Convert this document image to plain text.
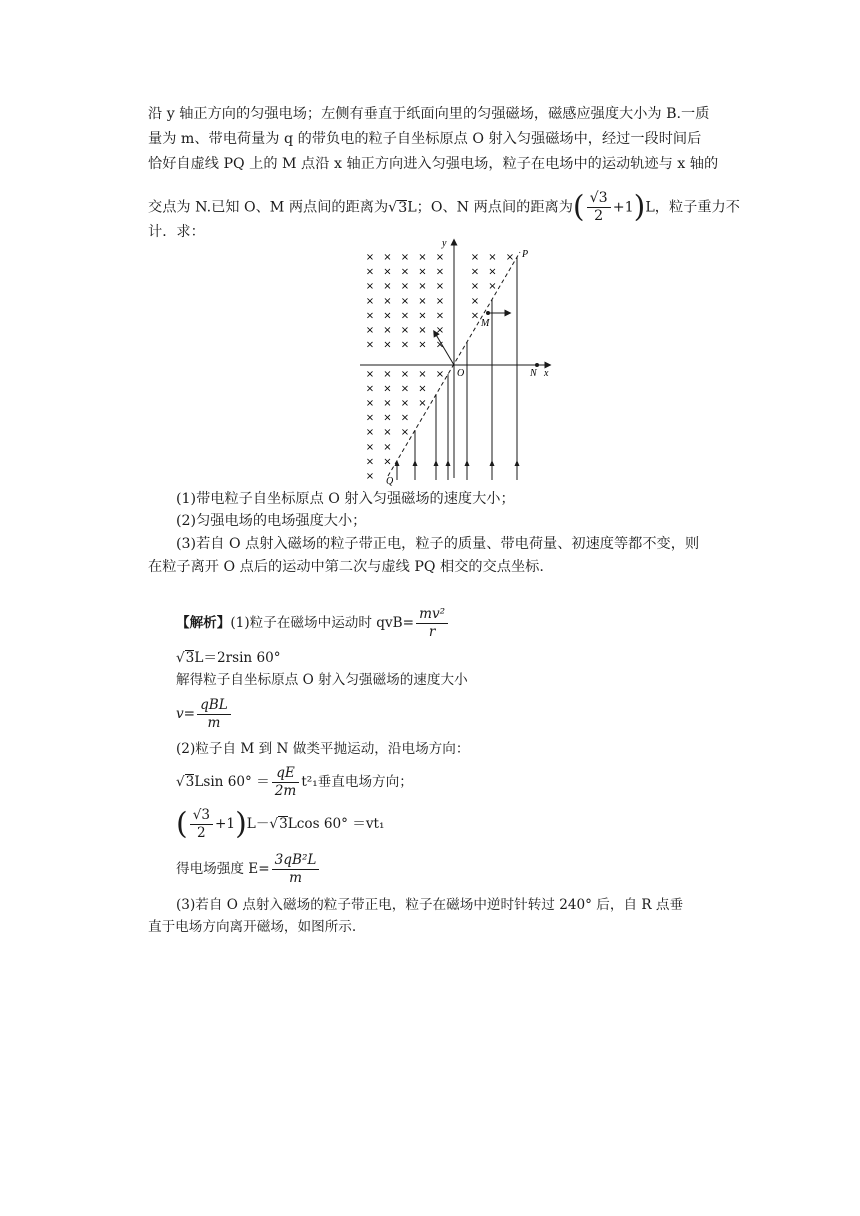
沿 y 轴正方向的匀强电场；左侧有垂直于纸面向里的匀强磁场，磁感应强度大小为 B.一质
量为 m、带电荷量为 q 的带负电的粒子自坐标原点 O 射入匀强磁场中，经过一段时间后
恰好自虚线 PQ 上的 M 点沿 x 轴正方向进入匀强电场，粒子在电场中的运动轨迹与 x 轴的
交点为 N.已知 O、M 两点间的距离为√3L；O、N 两点间的距离为( $\frac{√3}{2} +1)L$，粒子重力不
计．求：
× × × × ×	× × ×
× × × × ×	× ×
× × × × ×	× ×
× × × × ×	×
× × × × ×	×
× × × × ×
× × × × ×
× × × × ×
× × × ×
× × × ×
× × ×
× × ×
× ×
× ×
×
y
x
O
P
Q
M
N
(1)带电粒子自坐标原点 O 射入匀强磁场的速度大小；
(2)匀强电场的电场强度大小；
(3)若自 O 点射入磁场的粒子带正电，粒子的质量、带电荷量、初速度等都不变，则
在粒子离开 O 点后的运动中第二次与虚线 PQ 相交的交点坐标.
【解析】(1)粒子在磁场中运动时 $qvB= \frac{\text{mv²}}{r}$
√3L＝2rsin 60°
解得粒子自坐标原点 O 射入匀强磁场的速度大小
$v= \frac{\text{qBL}}{m}$
(2)粒子自 M 到 N 做类平抛运动，沿电场方向：
√3Lsin $60^\circ = \frac{qE}{2m} t^2_1$垂直电场方向；
( $\frac{√3}{2} +1)L-√3Lcos$ 60° ＝vt₁
得电场强度 $E= \frac{\text{3qB²L}}{m}$
(3)若自 O 点射入磁场的粒子带正电，粒子在磁场中逆时针转过 240° 后，自 R 点垂
直于电场方向离开磁场，如图所示.
